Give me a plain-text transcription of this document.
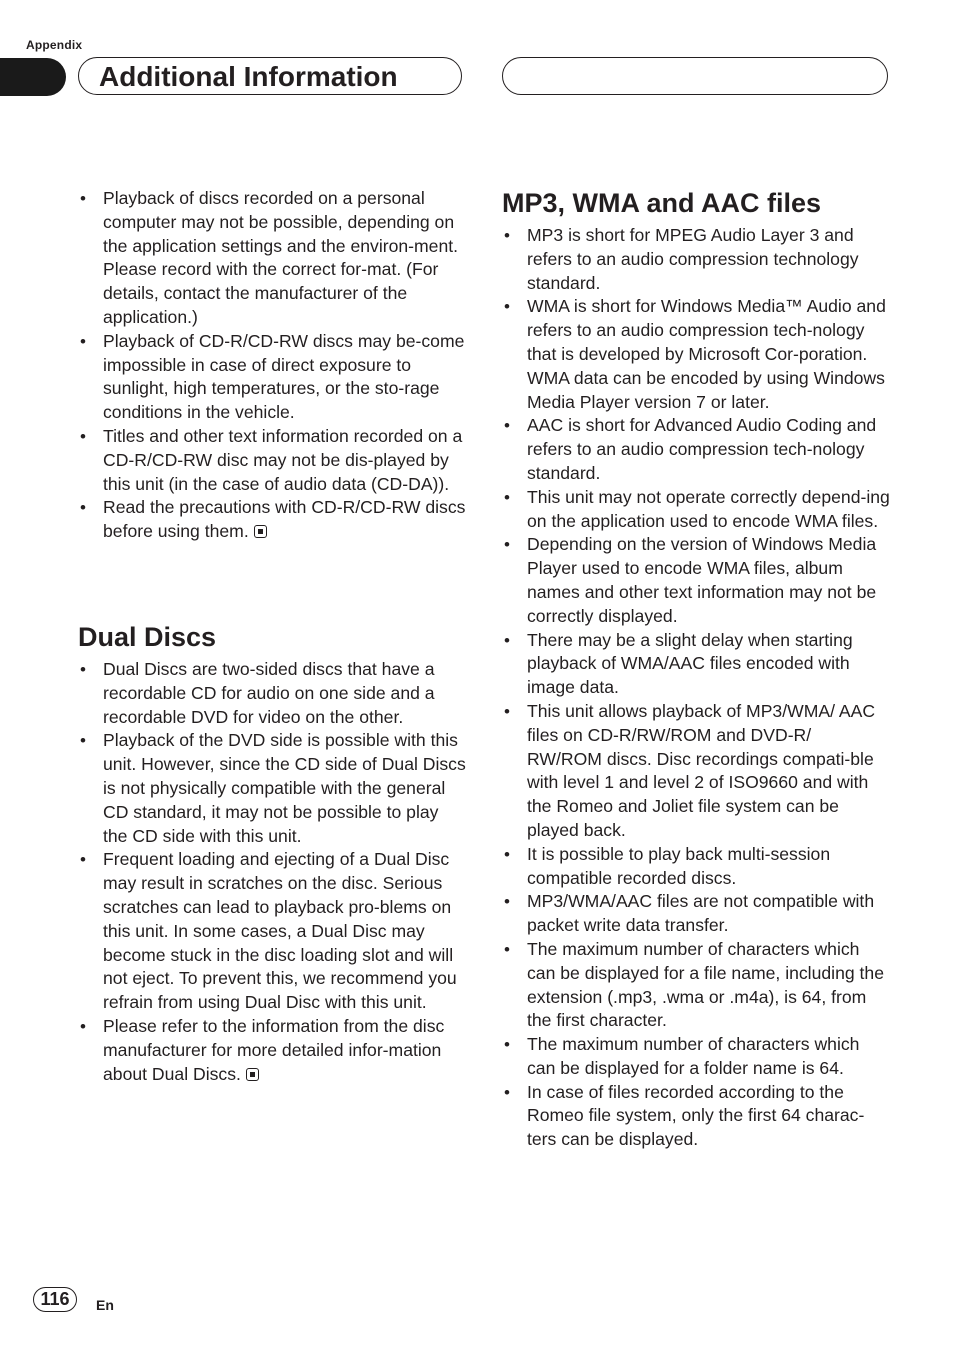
Appendix
Additional Information
• Playback of discs recorded on a personal computer may not be possible, depending on the application settings and the environ-ment. Please record with the correct for-mat. (For details, contact the manufacturer of the application.)
• Playback of CD-R/CD-RW discs may be-come impossible in case of direct exposure to sunlight, high temperatures, or the sto-rage conditions in the vehicle.
• Titles and other text information recorded on a CD-R/CD-RW disc may not be dis-played by this unit (in the case of audio data (CD-DA)).
• Read the precautions with CD-R/CD-RW discs before using them.
Dual Discs
• Dual Discs are two-sided discs that have a recordable CD for audio on one side and a recordable DVD for video on the other.
• Playback of the DVD side is possible with this unit. However, since the CD side of Dual Discs is not physically compatible with the general CD standard, it may not be possible to play the CD side with this unit.
• Frequent loading and ejecting of a Dual Disc may result in scratches on the disc. Serious scratches can lead to playback pro-blems on this unit. In some cases, a Dual Disc may become stuck in the disc loading slot and will not eject. To prevent this, we recommend you refrain from using Dual Disc with this unit.
• Please refer to the information from the disc manufacturer for more detailed infor-mation about Dual Discs.
MP3, WMA and AAC files
• MP3 is short for MPEG Audio Layer 3 and refers to an audio compression technology standard.
• WMA is short for Windows Media™ Audio and refers to an audio compression tech-nology that is developed by Microsoft Cor-poration. WMA data can be encoded by using Windows Media Player version 7 or later.
• AAC is short for Advanced Audio Coding and refers to an audio compression tech-nology standard.
• This unit may not operate correctly depend-ing on the application used to encode WMA files.
• Depending on the version of Windows Media Player used to encode WMA files, album names and other text information may not be correctly displayed.
• There may be a slight delay when starting playback of WMA/AAC files encoded with image data.
• This unit allows playback of MP3/WMA/ AAC files on CD-R/RW/ROM and DVD-R/ RW/ROM discs. Disc recordings compati-ble with level 1 and level 2 of ISO9660 and with the Romeo and Joliet file system can be played back.
• It is possible to play back multi-session compatible recorded discs.
• MP3/WMA/AAC files are not compatible with packet write data transfer.
• The maximum number of characters which can be displayed for a file name, including the extension (.mp3, .wma or .m4a), is 64, from the first character.
• The maximum number of characters which can be displayed for a folder name is 64.
• In case of files recorded according to the Romeo file system, only the first 64 charac-ters can be displayed.
116	En
